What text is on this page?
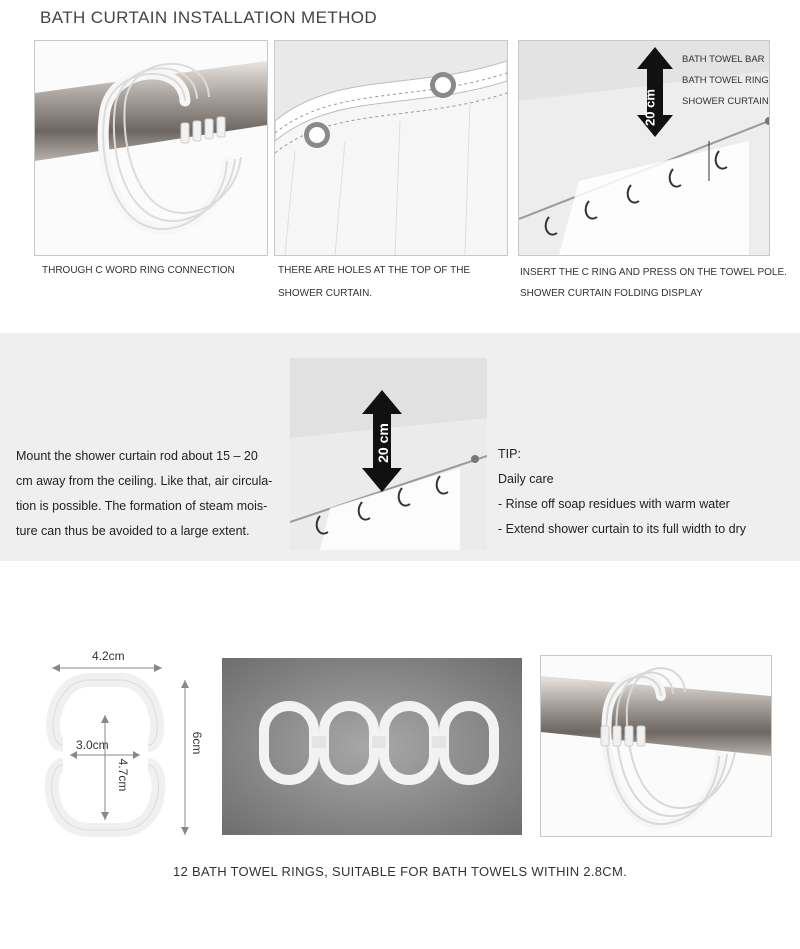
BATH CURTAIN INSTALLATION METHOD
THROUGH C WORD RING CONNECTION	THERE ARE HOLES AT THE TOP OF THE
SHOWER CURTAIN.
BATH TOWEL BAR
BATH TOWEL RING
SHOWER CURTAIN
20 cm
INSERT THE C RING AND PRESS ON THE TOWEL POLE.
SHOWER CURTAIN FOLDING DISPLAY
Mount the shower curtain rod about 15 – 20
cm away from the ceiling. Like that, air circula-
tion is possible. The formation of steam mois-
ture can thus be avoided to a large extent.
20 cm	TIP:
Daily care
- Rinse off soap residues with warm water
- Extend shower curtain to its full width to dry
4.2cm
3.0cm
4.7cm
6cm
12 BATH TOWEL RINGS, SUITABLE FOR BATH TOWELS WITHIN 2.8CM.
